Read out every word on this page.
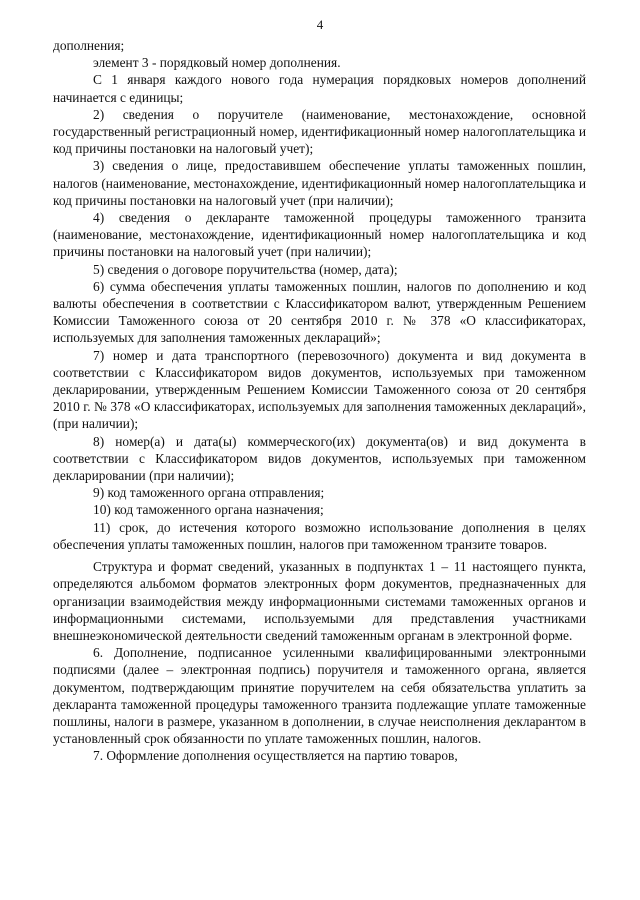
4

дополнения;

элемент 3 - порядковый номер дополнения.

С 1 января каждого нового года нумерация порядковых номеров дополнений начинается с единицы;

2) сведения о поручителе (наименование, местонахождение, основной государственный регистрационный номер, идентификационный номер налогоплательщика и код причины постановки на налоговый учет);

3) сведения о лице, предоставившем обеспечение уплаты таможенных пошлин, налогов (наименование, местонахождение, идентификационный номер налогоплательщика и код причины постановки на налоговый учет (при наличии);

4) сведения о декларанте таможенной процедуры таможенного транзита (наименование, местонахождение, идентификационный номер налогоплательщика и код причины постановки на налоговый учет (при наличии);

5) сведения о договоре поручительства (номер, дата);

6) сумма обеспечения уплаты таможенных пошлин, налогов по дополнению и код валюты обеспечения в соответствии с Классификатором валют, утвержденным Решением Комиссии Таможенного союза от 20 сентября 2010 г. № 378 «О классификаторах, используемых для заполнения таможенных деклараций»;

7) номер и дата транспортного (перевозочного) документа и вид документа в соответствии с Классификатором видов документов, используемых при таможенном декларировании, утвержденным Решением Комиссии Таможенного союза от 20 сентября 2010 г. № 378 «О классификаторах, используемых для заполнения таможенных деклараций», (при наличии);

8) номер(а) и дата(ы) коммерческого(их) документа(ов) и вид документа в соответствии с Классификатором видов документов, используемых при таможенном декларировании (при наличии);

9) код таможенного органа отправления;

10) код таможенного органа назначения;

11) срок, до истечения которого возможно использование дополнения в целях обеспечения уплаты таможенных пошлин, налогов при таможенном транзите товаров.

Структура и формат сведений, указанных в подпунктах 1 – 11 настоящего пункта, определяются альбомом форматов электронных форм документов, предназначенных для организации взаимодействия между информационными системами таможенных органов и информационными системами, используемыми для представления участниками внешнеэкономической деятельности сведений таможенным органам в электронной форме.

6. Дополнение, подписанное усиленными квалифицированными электронными подписями (далее – электронная подпись) поручителя и таможенного органа, является документом, подтверждающим принятие поручителем на себя обязательства уплатить за декларанта таможенной процедуры таможенного транзита подлежащие уплате таможенные пошлины, налоги в размере, указанном в дополнении, в случае неисполнения декларантом в установленный срок обязанности по уплате таможенных пошлин, налогов.

7. Оформление дополнения осуществляется на партию товаров,
